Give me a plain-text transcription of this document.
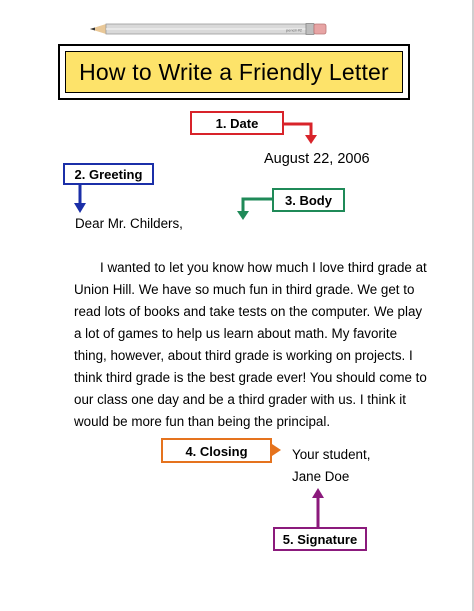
pencil #2
How to Write a Friendly Letter
1. Date
2. Greeting
3. Body
4. Closing
5. Signature
August 22, 2006
Dear Mr. Childers,
I wanted to let you know how much I love third grade at
Union Hill. We have so much fun in third grade. We get to
read lots of books and take tests on the computer. We play
a lot of games to help us learn about math. My favorite
thing, however, about third grade is working on projects. I
think third grade is the best grade ever! You should come to
our class one day and be a third grader with us. I think it
would be more fun than being the principal.
Your student,
Jane Doe
